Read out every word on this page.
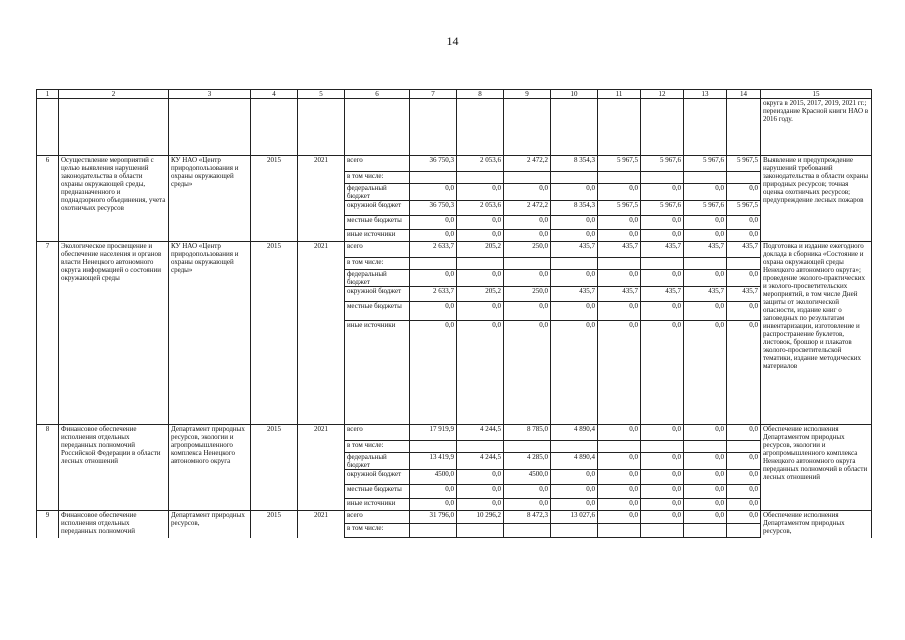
14
1	2	3	4	5	6	7	8	9	10	11	12	13	14	15
														округа в 2015, 2017, 2019, 2021 гг.; переиздание Красной книги НАО в 2016 году.
6	Осуществление мероприятий с целью выявления нарушений законодательства в области охраны окружающей среды, предназначенного и поднадзорного объединения, учета охотничьих ресурсов	КУ НАО «Центр природопользования и охраны окружающей среды»	2015	2021	всего	36 750,3	2 053,6	2 472,2	8 354,3	5 967,5	5 967,6	5 967,6	5 967,5	Выявление и предупреждение нарушений требований законодательства в области охраны природных ресурсов; точная оценка охотничьих ресурсов; предупреждение лесных пожаров
					в том числе:									
					федеральный бюджет	0,0	0,0	0,0	0,0	0,0	0,0	0,0	0,0	
					окружной бюджет	36 750,3	2 053,6	2 472,2	8 354,3	5 967,5	5 967,6	5 967,6	5 967,5	
					местные бюджеты	0,0	0,0	0,0	0,0	0,0	0,0	0,0	0,0	
					иные источники	0,0	0,0	0,0	0,0	0,0	0,0	0,0	0,0	
7	Экологическое просвещение и обеспечение населения и органов власти Ненецкого автономного округа информацией о состоянии окружающей среды	КУ НАО «Центр природопользования и охраны окружающей среды»	2015	2021	всего	2 633,7	205,2	250,0	435,7	435,7	435,7	435,7	435,7	Подготовка и издание ежегодного доклада в сборника «Состояние и охрана окружающей среды Ненецкого автономного округа»; проведение эколого-практических и эколого-просветительских мероприятий, в том числе Дней защиты от экологической опасности, издание книг о заповедных по результатам инвентаризации, изготовление и распространение буклетов, листовок, брошюр и плакатов эколого-просветительской тематики, издание методических материалов
					в том числе:									
					федеральный бюджет	0,0	0,0	0,0	0,0	0,0	0,0	0,0	0,0	
					окружной бюджет	2 633,7	205,2	250,0	435,7	435,7	435,7	435,7	435,7	
					местные бюджеты	0,0	0,0	0,0	0,0	0,0	0,0	0,0	0,0	
					иные источники	0,0	0,0	0,0	0,0	0,0	0,0	0,0	0,0	
8	Финансовое обеспечение исполнения отдельных переданных полномочий Российской Федерации в области лесных отношений	Департамент природных ресурсов, экологии и агропромышленного комплекса Ненецкого автономного округа	2015	2021	всего	17 919,9	4 244,5	8 785,0	4 890,4	0,0	0,0	0,0	0,0	Обеспечение исполнения Департаментом природных ресурсов, экологии и агропромышленного комплекса Ненецкого автономного округа переданных полномочий в области лесных отношений
					в том числе:									
					федеральный бюджет	13 419,9	4 244,5	4 285,0	4 890,4	0,0	0,0	0,0	0,0	
					окружной бюджет	4500,0	0,0	4500,0	0,0	0,0	0,0	0,0	0,0	
					местные бюджеты	0,0	0,0	0,0	0,0	0,0	0,0	0,0	0,0	
					иные источники	0,0	0,0	0,0	0,0	0,0	0,0	0,0	0,0	
9	Финансовое обеспечение исполнения отдельных переданных полномочий	Департамент природных ресурсов,	2015	2021	всего	31 796,0	10 296,2	8 472,3	13 027,6	0,0	0,0	0,0	0,0	Обеспечение исполнения Департаментом природных ресурсов,
					в том числе:									
